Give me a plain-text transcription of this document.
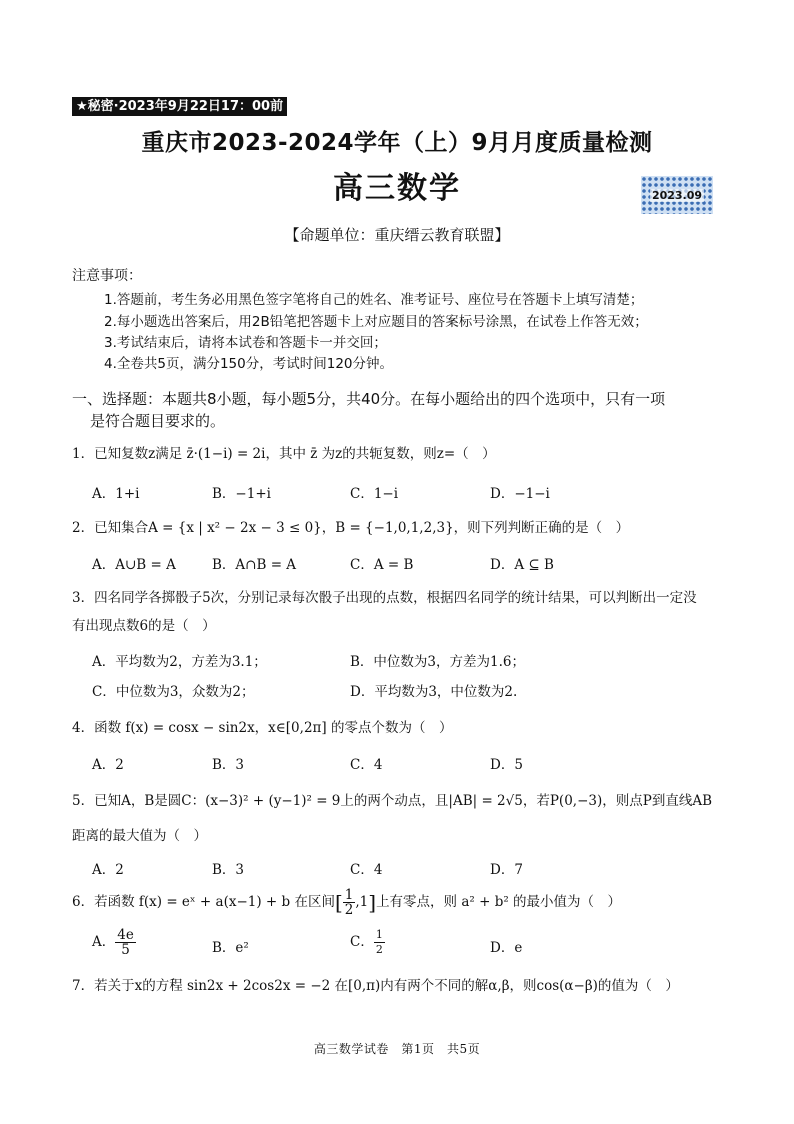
★秘密·2023年9月22日17：00前
重庆市2023-2024学年（上）9月月度质量检测
高三数学	2023.09
【命题单位：重庆缙云教育联盟】
注意事项：
1.答题前，考生务必用黑色签字笔将自己的姓名、准考证号、座位号在答题卡上填写清楚；
2.每小题选出答案后，用2B铅笔把答题卡上对应题目的答案标号涂黑，在试卷上作答无效；
3.考试结束后，请将本试卷和答题卡一并交回；
4.全卷共5页，满分150分，考试时间120分钟。
一、选择题：本题共8小题，每小题5分，共40分。在每小题给出的四个选项中，只有一项
是符合题目要求的。
1．已知复数z满足 z̄·(1−i) = 2i，其中 z̄ 为z的共轭复数，则z=（　）
A．1+i	B．−1+i	C．1−i	D．−1−i
2．已知集合A = {x | x² − 2x − 3 ≤ 0}，B = {−1,0,1,2,3}，则下列判断正确的是（　）
A．A∪B = A	B．A∩B = A	C．A = B	D．A ⊆ B
3．四名同学各掷骰子5次，分别记录每次骰子出现的点数，根据四名同学的统计结果，可以判断出一定没
有出现点数6的是（　）
A．平均数为2，方差为3.1；	B．中位数为3，方差为1.6；
C．中位数为3，众数为2；	D．平均数为3，中位数为2.
4．函数 f(x) = cosx − sin2x，x∈[0,2π] 的零点个数为（　）
A．2	B．3	C．4	D．5
5．已知A，B是圆C：(x−3)² + (y−1)² = 9上的两个动点，且|AB| = 2√5，若P(0,−3)，则点P到直线AB
距离的最大值为（　）
A．2	B．3	C．4	D．7
6．若函数 f(x) = eˣ + a(x−1) + b 在区间[ $\frac{1}{2} ,1$]上有零点，则 a² + b² 的最小值为（　）
A． $\frac{4e}{5}$	B．e²	C． $\frac{1}{2}$	D．e
7．若关于x的方程 sin2x + 2cos2x = −2 在[0,π)内有两个不同的解α,β，则cos(α−β)的值为（　）
高三数学试卷　第1页　共5页
